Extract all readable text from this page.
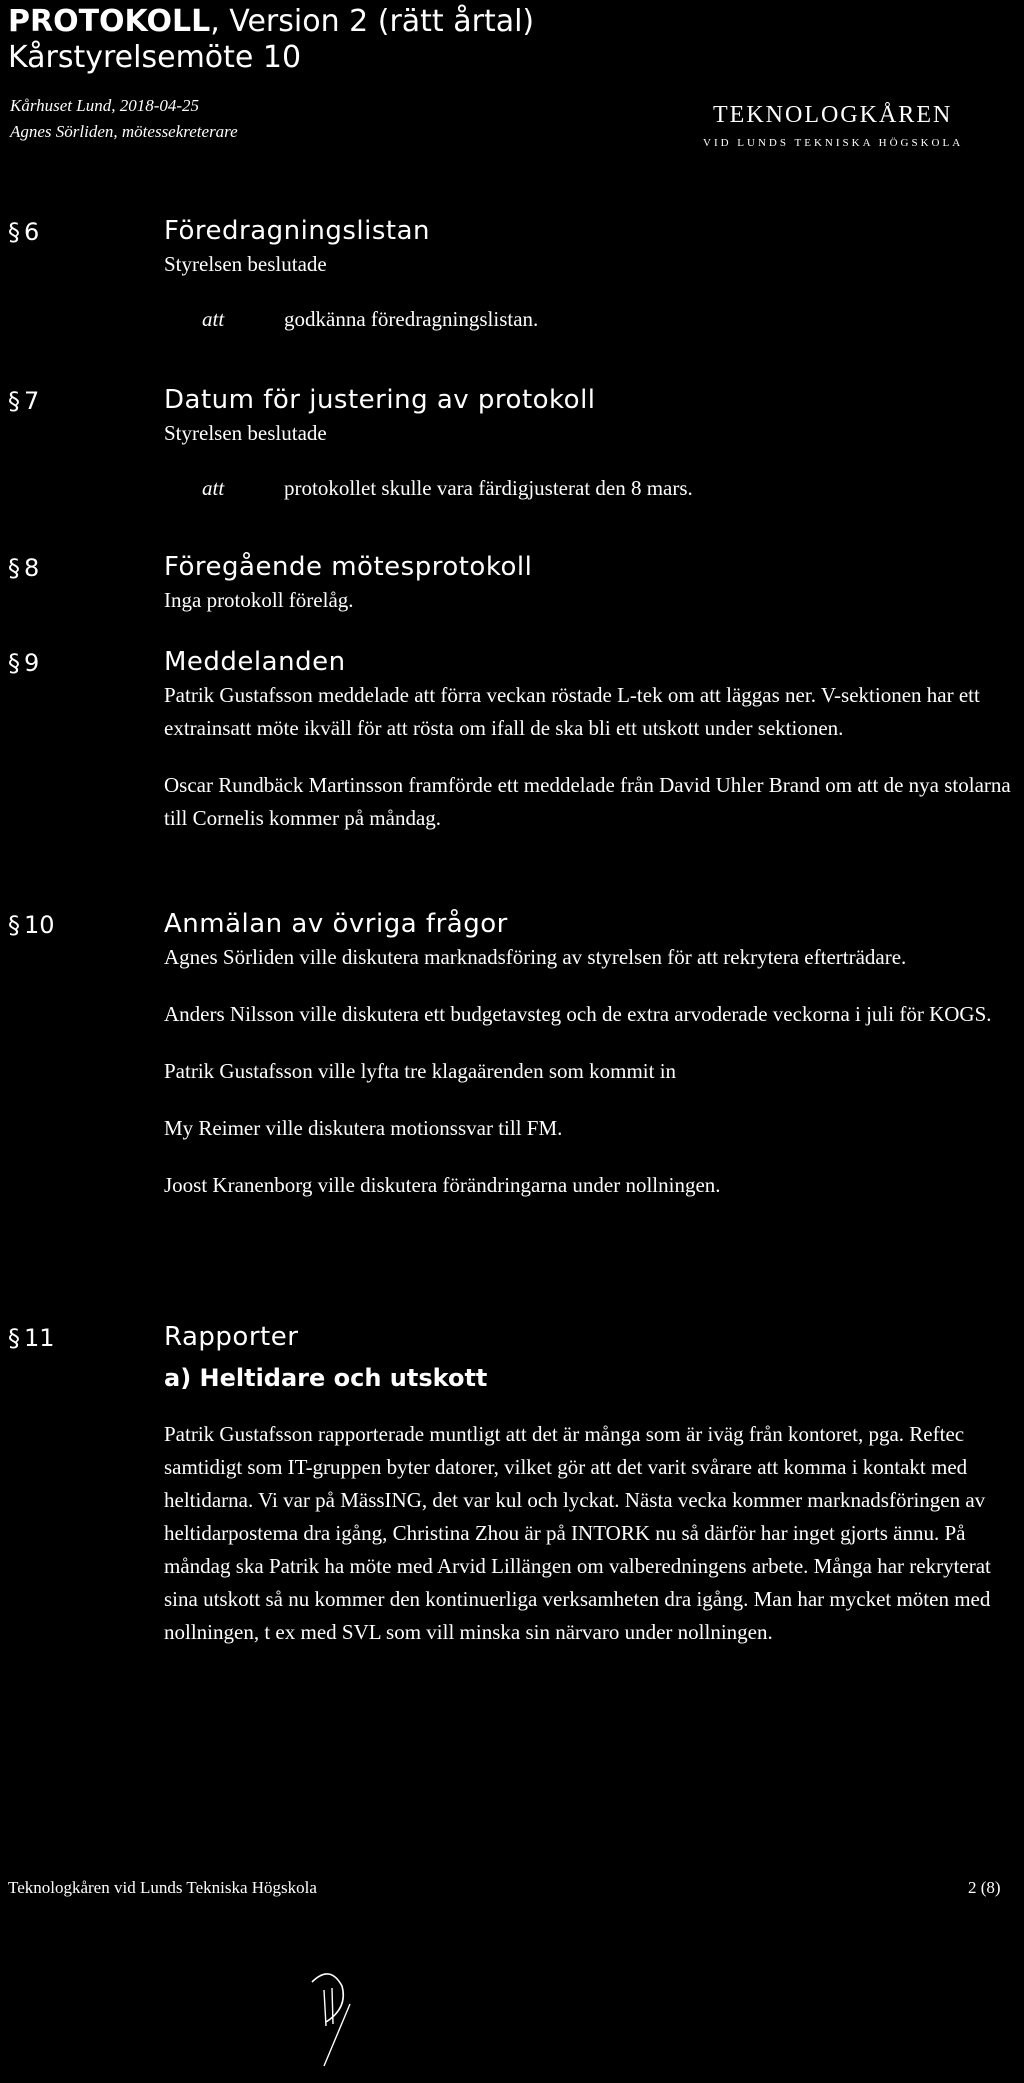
PROTOKOLL, Version 2 (rätt årtal)
Kårstyrelsemöte 10
Kårhuset Lund, 2018-04-25
Agnes Sörliden, mötessekreterare
TEKNOLOGKÅREN
VID LUNDS TEKNISKA HÖGSKOLA
§ 6	Föredragningslistan
Styrelsen beslutade
att	godkänna föredragningslistan.
§ 7	Datum för justering av protokoll
Styrelsen beslutade
att	protokollet skulle vara färdigjusterat den 8 mars.
§ 8	Föregående mötesprotokoll
Inga protokoll förelåg.
§ 9	Meddelanden

Patrik Gustafsson meddelade att förra veckan röstade L-tek om att läggas ner. V-sektionen har ett extrainsatt möte ikväll för att rösta om ifall de ska bli ett utskott under sektionen.

Oscar Rundbäck Martinsson framförde ett meddelade från David Uhler Brand om att de nya stolarna till Cornelis kommer på måndag.

§ 10	Anmälan av övriga frågor

Agnes Sörliden ville diskutera marknadsföring av styrelsen för att rekrytera efterträdare.

Anders Nilsson ville diskutera ett budgetavsteg och de extra arvoderade veckorna i juli för KOGS.

Patrik Gustafsson ville lyfta tre klagaärenden som kommit in

My Reimer ville diskutera motionssvar till FM.

Joost Kranenborg ville diskutera förändringarna under nollningen.

§ 11	Rapporter
a) Heltidare och utskott

Patrik Gustafsson rapporterade muntligt att det är många som är iväg från kontoret, pga. Reftec samtidigt som IT-gruppen byter datorer, vilket gör att det varit svårare att komma i kontakt med heltidarna. Vi var på MässING, det var kul och lyckat. Nästa vecka kommer marknadsföringen av heltidarpostema dra igång, Christina Zhou är på INTORK nu så därför har inget gjorts ännu. På måndag ska Patrik ha möte med Arvid Lillängen om valberedningens arbete. Många har rekryterat sina utskott så nu kommer den kontinuerliga verksamheten dra igång. Man har mycket möten med nollningen, t ex med SVL som vill minska sin närvaro under nollningen.

Teknologkåren vid Lunds Tekniska Högskola	2 (8)
